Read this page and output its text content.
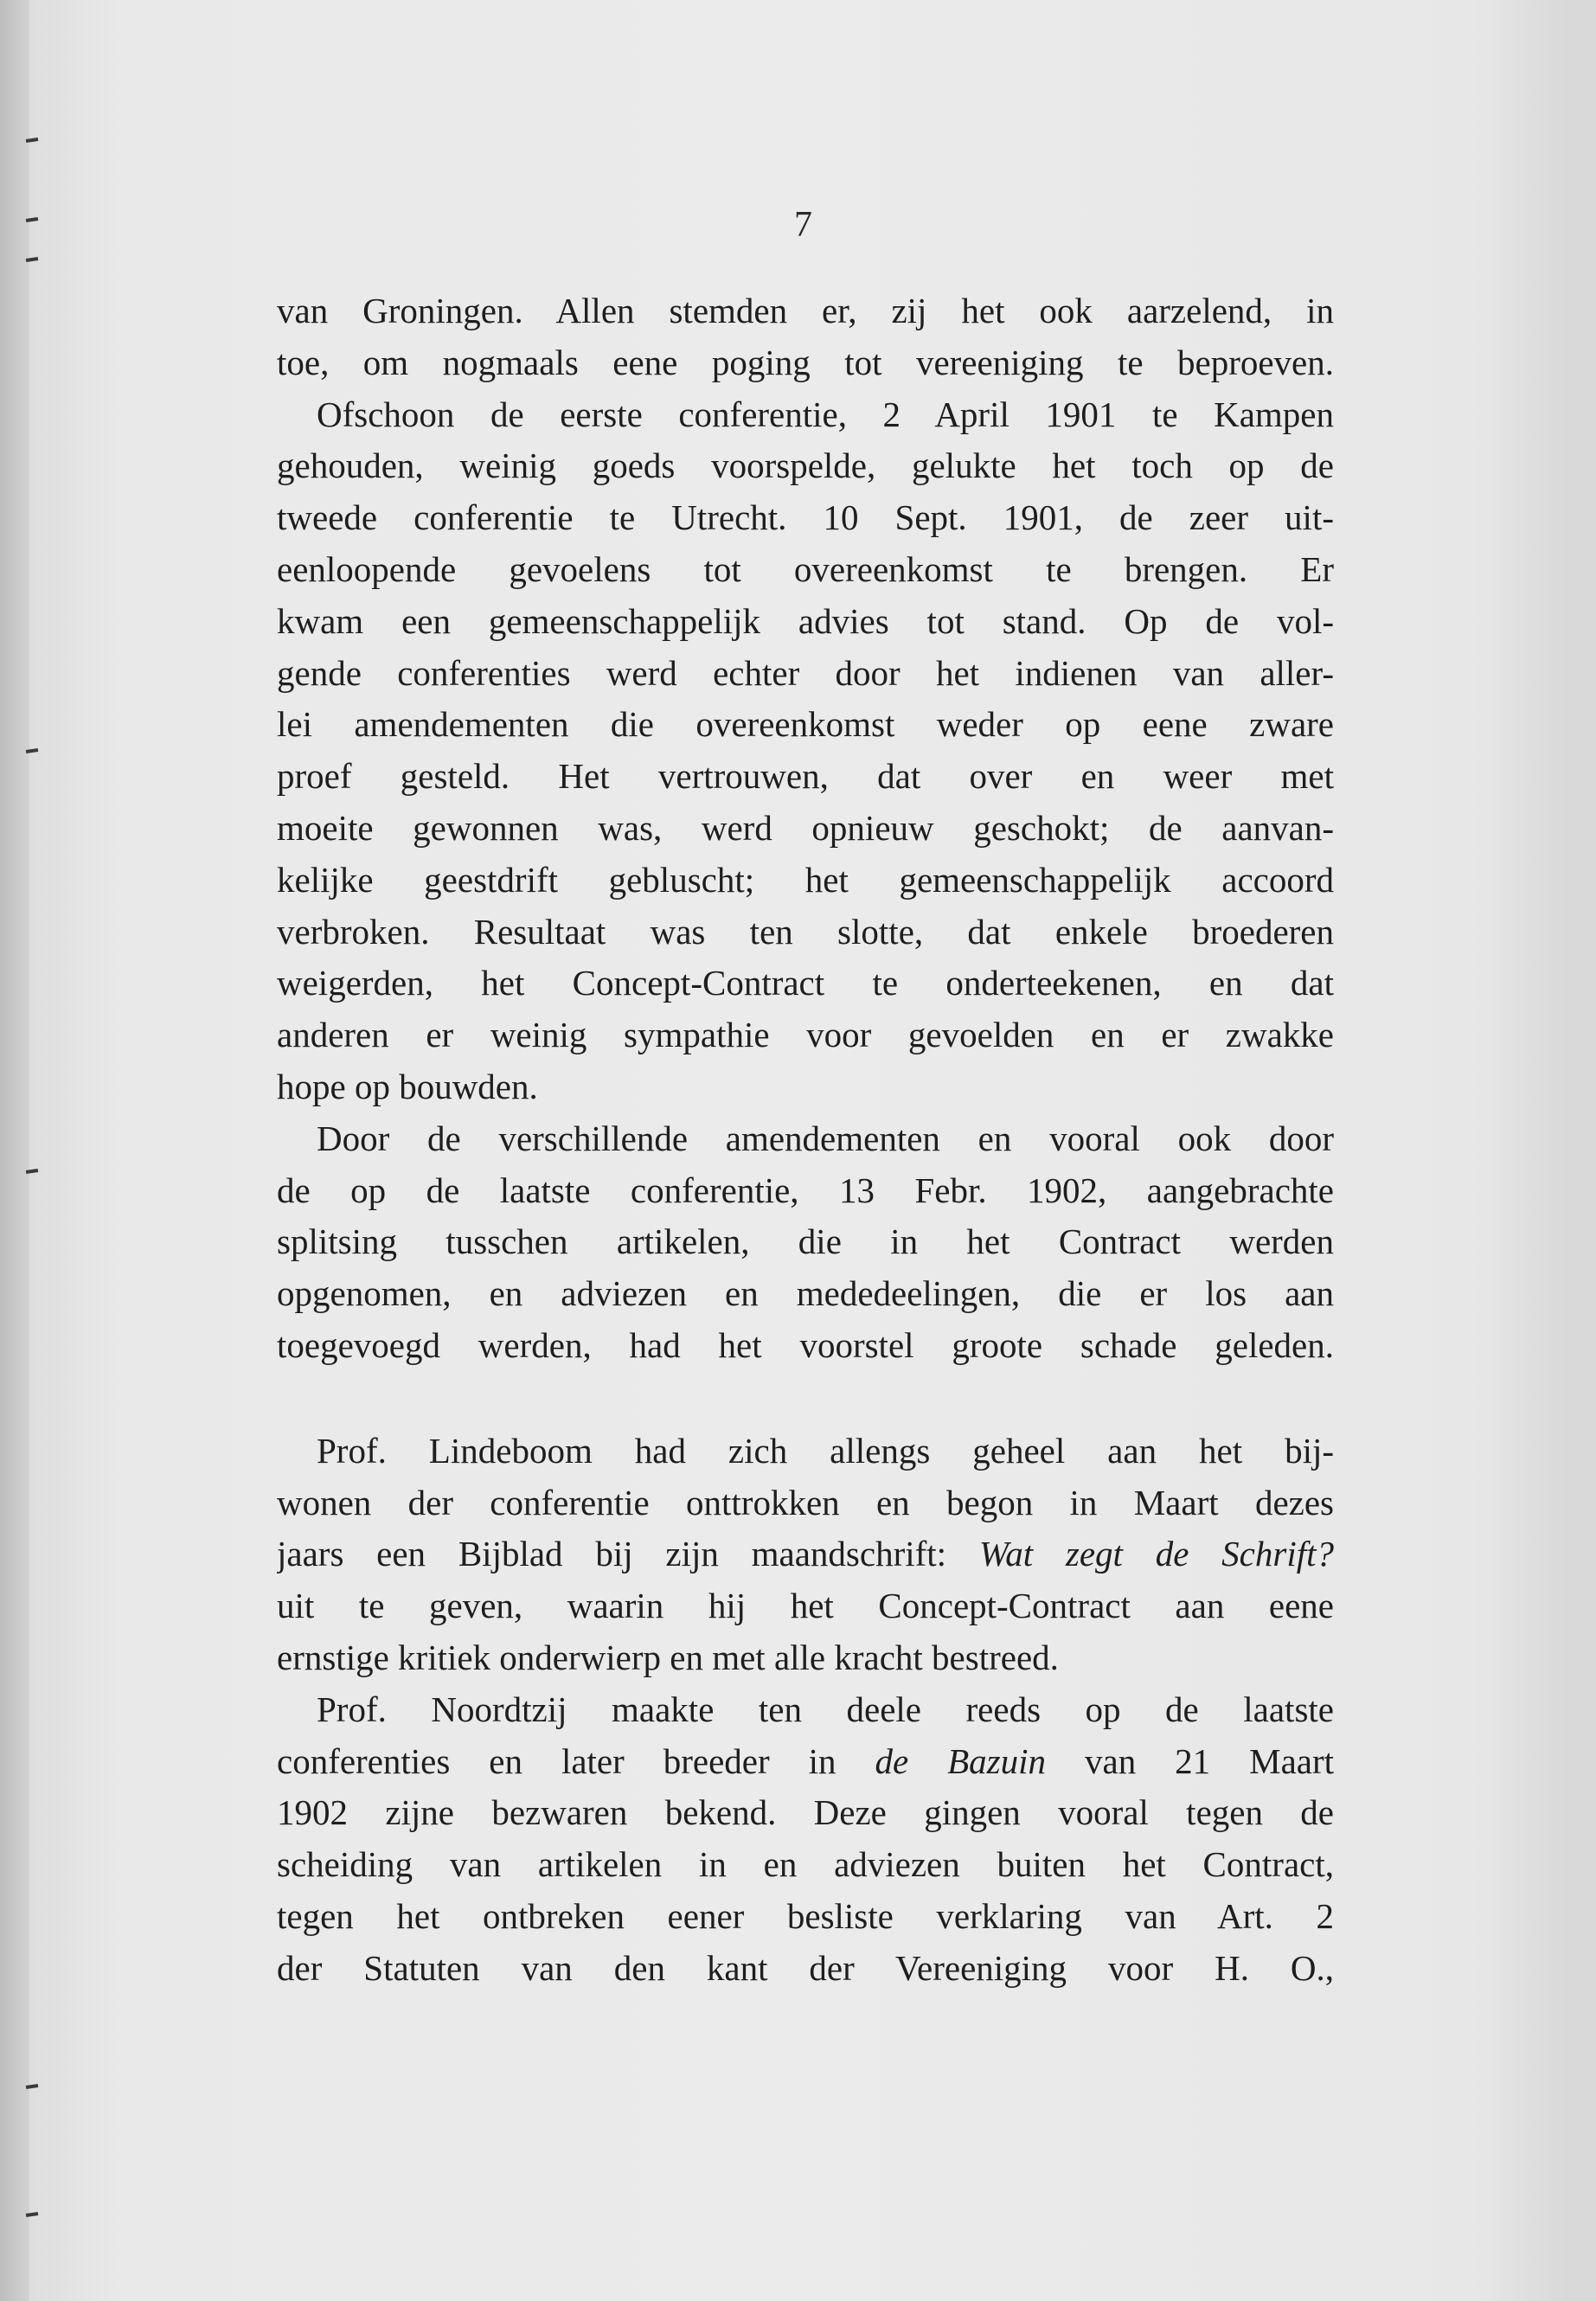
7
van Groningen. Allen stemden er, zij het ook aarzelend, in
toe, om nogmaals eene poging tot vereeniging te beproeven.
Ofschoon de eerste conferentie, 2 April 1901 te Kampen
gehouden, weinig goeds voorspelde, gelukte het toch op de
tweede conferentie te Utrecht. 10 Sept. 1901, de zeer uit-
eenloopende gevoelens tot overeenkomst te brengen. Er
kwam een gemeenschappelijk advies tot stand. Op de vol-
gende conferenties werd echter door het indienen van aller-
lei amendementen die overeenkomst weder op eene zware
proef gesteld. Het vertrouwen, dat over en weer met
moeite gewonnen was, werd opnieuw geschokt; de aanvan-
kelijke geestdrift gebluscht; het gemeenschappelijk accoord
verbroken. Resultaat was ten slotte, dat enkele broederen
weigerden, het Concept-Contract te onderteekenen, en dat
anderen er weinig sympathie voor gevoelden en er zwakke
hope op bouwden.
Door de verschillende amendementen en vooral ook door
de op de laatste conferentie, 13 Febr. 1902, aangebrachte
splitsing tusschen artikelen, die in het Contract werden
opgenomen, en adviezen en mededeelingen, die er los aan
toegevoegd werden, had het voorstel groote schade geleden.
Prof. Lindeboom had zich allengs geheel aan het bij-
wonen der conferentie onttrokken en begon in Maart dezes
jaars een Bijblad bij zijn maandschrift: Wat zegt de Schrift?
uit te geven, waarin hij het Concept-Contract aan eene
ernstige kritiek onderwierp en met alle kracht bestreed.
Prof. Noordtzij maakte ten deele reeds op de laatste
conferenties en later breeder in de Bazuin van 21 Maart
1902 zijne bezwaren bekend. Deze gingen vooral tegen de
scheiding van artikelen in en adviezen buiten het Contract,
tegen het ontbreken eener besliste verklaring van Art. 2
der Statuten van den kant der Vereeniging voor H. O.,
